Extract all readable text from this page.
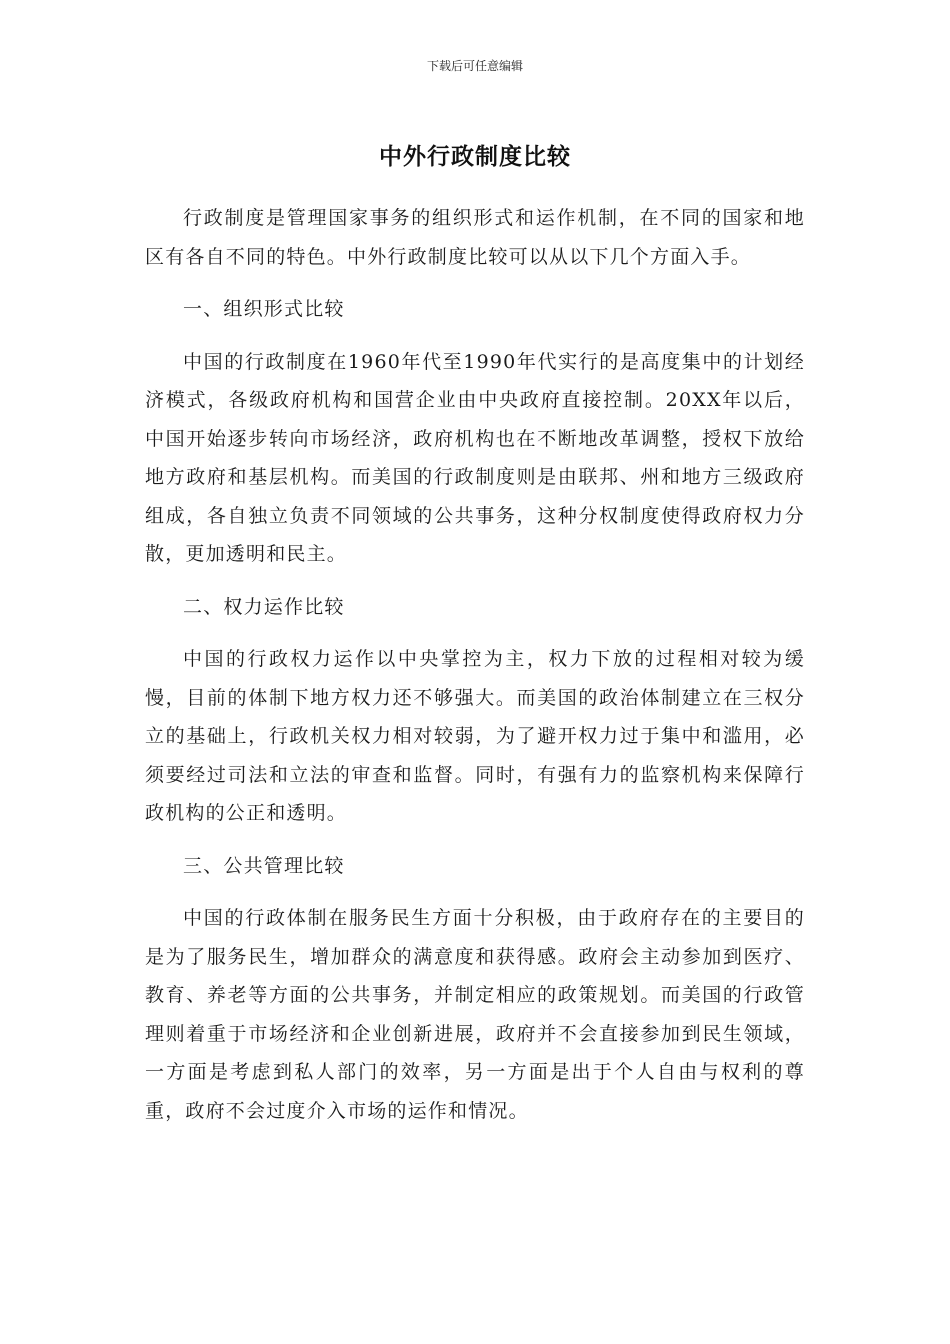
下载后可任意编辑
中外行政制度比较

行政制度是管理国家事务的组织形式和运作机制，在不同的国家和地区有各自不同的特色。中外行政制度比较可以从以下几个方面入手。

一、组织形式比较

中国的行政制度在1960年代至1990年代实行的是高度集中的计划经济模式，各级政府机构和国营企业由中央政府直接控制。20XX年以后，中国开始逐步转向市场经济，政府机构也在不断地改革调整，授权下放给地方政府和基层机构。而美国的行政制度则是由联邦、州和地方三级政府组成，各自独立负责不同领域的公共事务，这种分权制度使得政府权力分散，更加透明和民主。

二、权力运作比较

中国的行政权力运作以中央掌控为主，权力下放的过程相对较为缓慢，目前的体制下地方权力还不够强大。而美国的政治体制建立在三权分立的基础上，行政机关权力相对较弱，为了避开权力过于集中和滥用，必须要经过司法和立法的审查和监督。同时，有强有力的监察机构来保障行政机构的公正和透明。

三、公共管理比较

中国的行政体制在服务民生方面十分积极，由于政府存在的主要目的是为了服务民生，增加群众的满意度和获得感。政府会主动参加到医疗、教育、养老等方面的公共事务，并制定相应的政策规划。而美国的行政管理则着重于市场经济和企业创新进展，政府并不会直接参加到民生领域，一方面是考虑到私人部门的效率，另一方面是出于个人自由与权利的尊重，政府不会过度介入市场的运作和情况。
